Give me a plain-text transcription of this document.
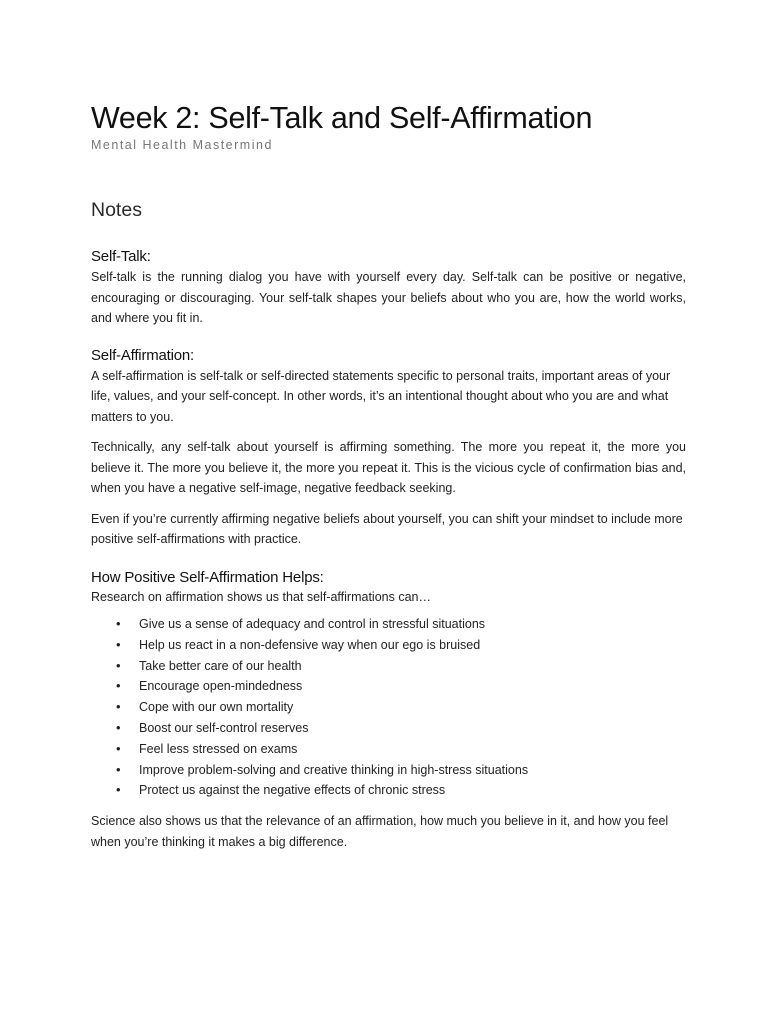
Week 2: Self-Talk and Self-Affirmation
Mental Health Mastermind
Notes
Self-Talk:

Self-talk is the running dialog you have with yourself every day. Self-talk can be positive or negative, encouraging or discouraging. Your self-talk shapes your beliefs about who you are, how the world works, and where you fit in.

Self-Affirmation:

A self-affirmation is self-talk or self-directed statements specific to personal traits, important areas of your life, values, and your self-concept. In other words, it’s an intentional thought about who you are and what matters to you.

Technically, any self-talk about yourself is affirming something. The more you repeat it, the more you believe it. The more you believe it, the more you repeat it. This is the vicious cycle of confirmation bias and, when you have a negative self-image, negative feedback seeking.

Even if you’re currently affirming negative beliefs about yourself, you can shift your mindset to include more positive self-affirmations with practice.

How Positive Self-Affirmation Helps:

Research on affirmation shows us that self-affirmations can…

• Give us a sense of adequacy and control in stressful situations
• Help us react in a non-defensive way when our ego is bruised
• Take better care of our health
• Encourage open-mindedness
• Cope with our own mortality
• Boost our self-control reserves
• Feel less stressed on exams
• Improve problem-solving and creative thinking in high-stress situations
• Protect us against the negative effects of chronic stress

Science also shows us that the relevance of an affirmation, how much you believe in it, and how you feel when you’re thinking it makes a big difference.
